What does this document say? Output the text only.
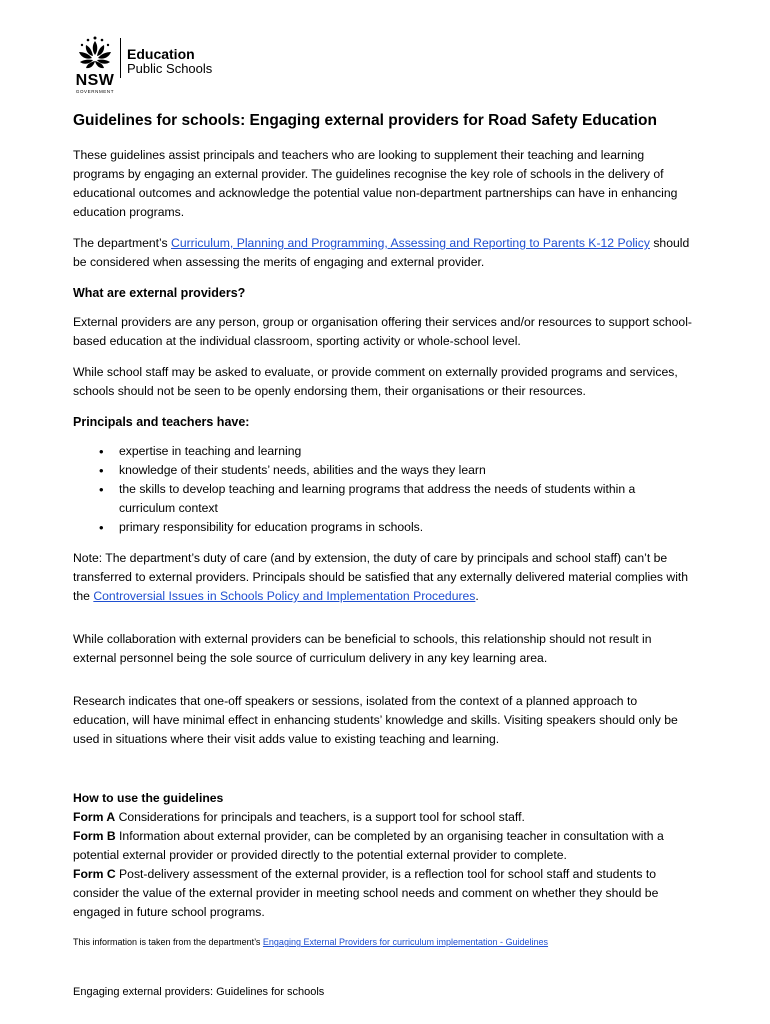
NSW
GOVERNMENT
Education
Public Schools
Guidelines for schools: Engaging external providers for Road Safety Education

These guidelines assist principals and teachers who are looking to supplement their teaching and learning programs by engaging an external provider. The guidelines recognise the key role of schools in the delivery of educational outcomes and acknowledge the potential value non-department partnerships can have in enhancing education programs.

The department’s Curriculum, Planning and Programming, Assessing and Reporting to Parents K-12 Policy should be considered when assessing the merits of engaging and external provider.

What are external providers?

External providers are any person, group or organisation offering their services and/or resources to support school-based education at the individual classroom, sporting activity or whole-school level.

While school staff may be asked to evaluate, or provide comment on externally provided programs and services, schools should not be seen to be openly endorsing them, their organisations or their resources.

Principals and teachers have:
• expertise in teaching and learning
• knowledge of their students’ needs, abilities and the ways they learn
• the skills to develop teaching and learning programs that address the needs of students within a curriculum context
• primary responsibility for education programs in schools.

Note: The department’s duty of care (and by extension, the duty of care by principals and school staff) can’t be transferred to external providers. Principals should be satisfied that any externally delivered material complies with the Controversial Issues in Schools Policy and Implementation Procedures.

While collaboration with external providers can be beneficial to schools, this relationship should not result in external personnel being the sole source of curriculum delivery in any key learning area.

Research indicates that one-off speakers or sessions, isolated from the context of a planned approach to education, will have minimal effect in enhancing students’ knowledge and skills. Visiting speakers should only be used in situations where their visit adds value to existing teaching and learning.

How to use the guidelines
Form A Considerations for principals and teachers, is a support tool for school staff.
Form B Information about external provider, can be completed by an organising teacher in consultation with a potential external provider or provided directly to the potential external provider to complete.
Form C Post-delivery assessment of the external provider, is a reflection tool for school staff and students to consider the value of the external provider in meeting school needs and comment on whether they should be engaged in future school programs.
This information is taken from the department’s Engaging External Providers for curriculum implementation - Guidelines
Engaging external providers: Guidelines for schools
